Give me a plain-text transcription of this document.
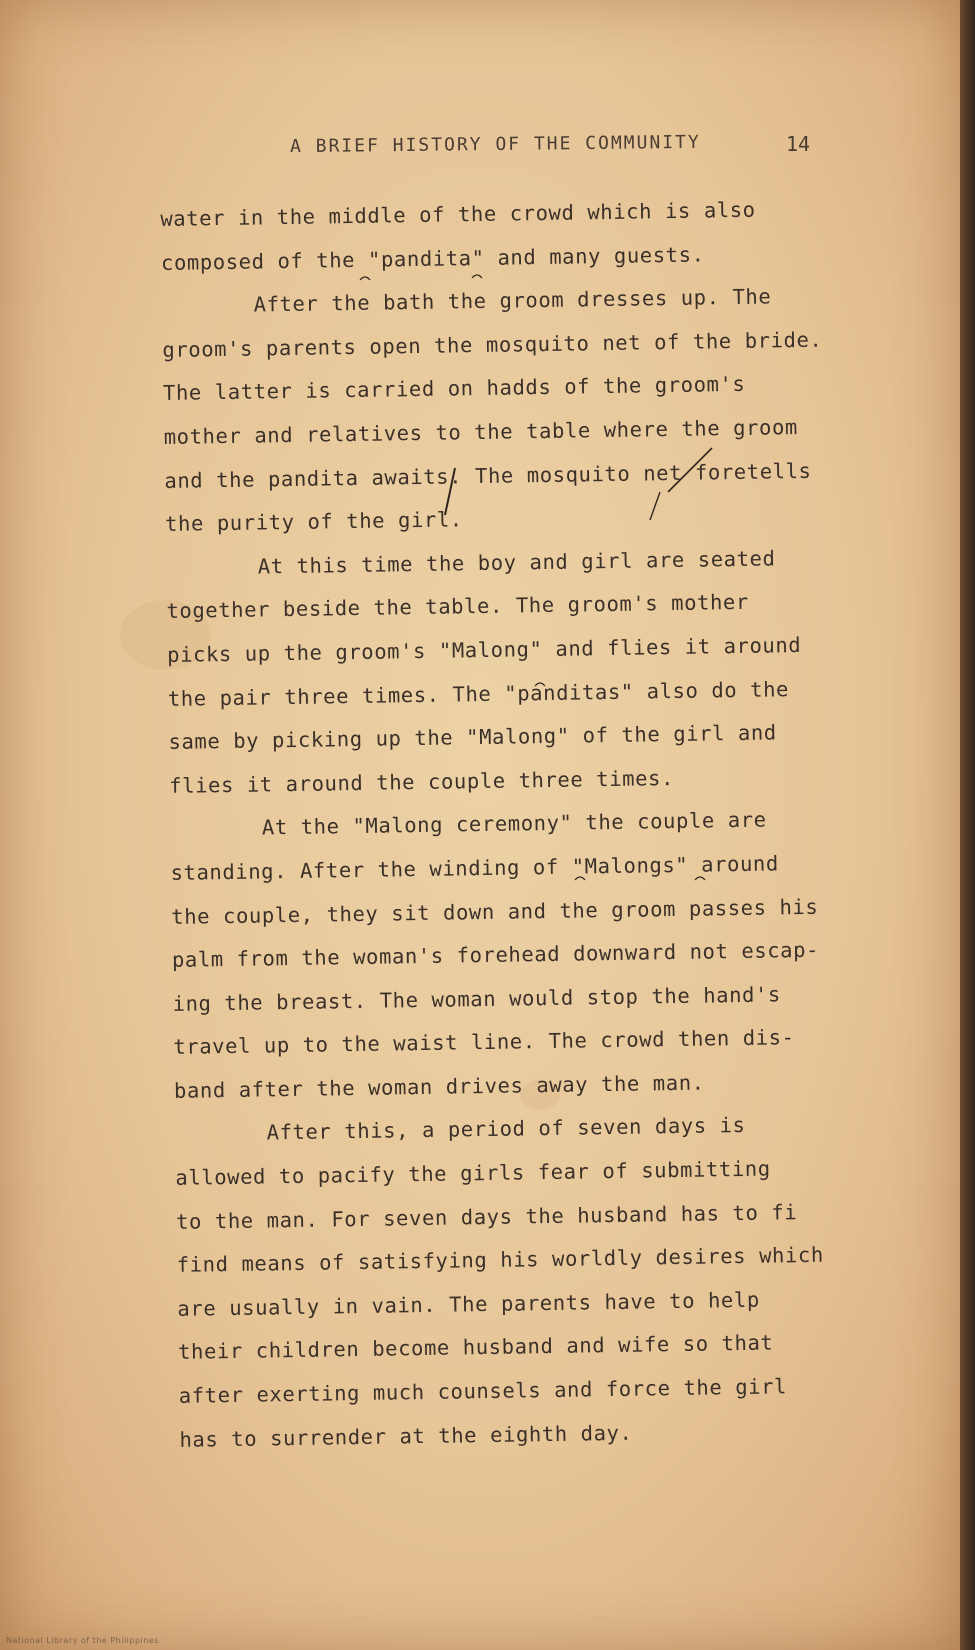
A BRIEF HISTORY OF THE COMMUNITY	14
water in the middle of the crowd which is also
composed of the "pandita" and many guests.
After the bath the groom dresses up. The
groom's parents open the mosquito net of the bride.
The latter is carried on hadds of the groom's
mother and relatives to the table where the groom
and the pandita awaits. The mosquito net foretells
the purity of the girl.
At this time the boy and girl are seated
together beside the table. The groom's mother
picks up the groom's "Malong" and flies it around
the pair three times. The "panditas" also do the
same by picking up the "Malong" of the girl and
flies it around the couple three times.
At the "Malong ceremony" the couple are
standing. After the winding of "Malongs" around
the couple, they sit down and the groom passes his
palm from the woman's forehead downward not escap-
ing the breast. The woman would stop the hand's
travel up to the waist line. The crowd then dis-
band after the woman drives away the man.
After this, a period of seven days is
allowed to pacify the girls fear of submitting
to the man. For seven days the husband has to fi
find means of satisfying his worldly desires which
are usually in vain. The parents have to help
their children become husband and wife so that
after exerting much counsels and force the girl
has to surrender at the eighth day.
National Library of the Philippines
